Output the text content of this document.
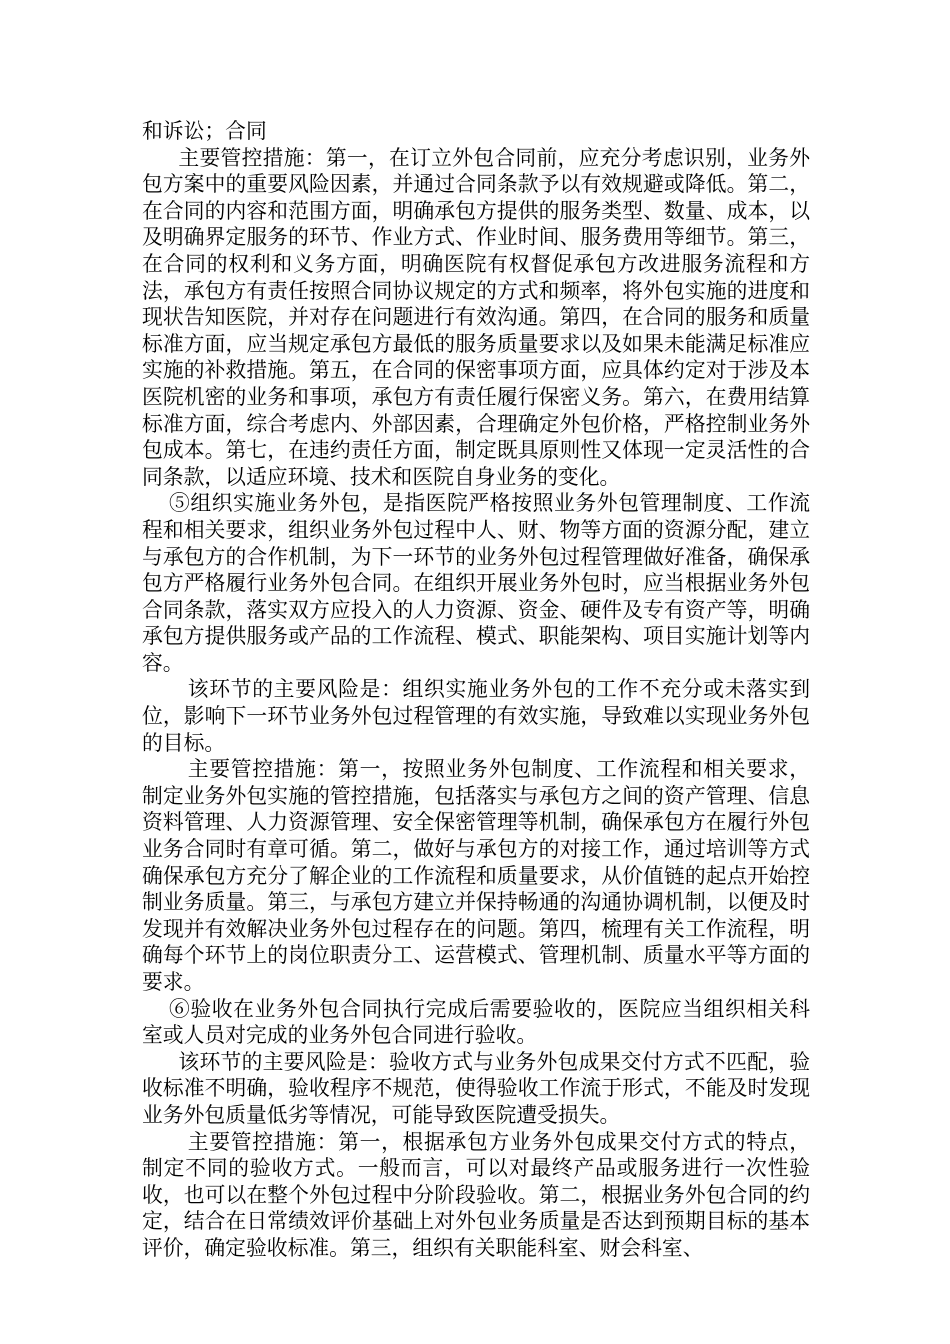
和诉讼；合同

主要管控措施：第一，在订立外包合同前，应充分考虑识别，业务外包方案中的重要风险因素，并通过合同条款予以有效规避或降低。第二，在合同的内容和范围方面，明确承包方提供的服务类型、数量、成本，以及明确界定服务的环节、作业方式、作业时间、服务费用等细节。第三，在合同的权利和义务方面，明确医院有权督促承包方改进服务流程和方法，承包方有责任按照合同协议规定的方式和频率，将外包实施的进度和现状告知医院，并对存在问题进行有效沟通。第四，在合同的服务和质量标准方面，应当规定承包方最低的服务质量要求以及如果未能满足标准应实施的补救措施。第五，在合同的保密事项方面，应具体约定对于涉及本医院机密的业务和事项，承包方有责任履行保密义务。第六，在费用结算标准方面，综合考虑内、外部因素，合理确定外包价格，严格控制业务外包成本。第七，在违约责任方面，制定既具原则性又体现一定灵活性的合同条款，以适应环境、技术和医院自身业务的变化。

⑤组织实施业务外包，是指医院严格按照业务外包管理制度、工作流程和相关要求，组织业务外包过程中人、财、物等方面的资源分配，建立与承包方的合作机制，为下一环节的业务外包过程管理做好准备，确保承包方严格履行业务外包合同。在组织开展业务外包时，应当根据业务外包合同条款，落实双方应投入的人力资源、资金、硬件及专有资产等，明确承包方提供服务或产品的工作流程、模式、职能架构、项目实施计划等内容。

该环节的主要风险是：组织实施业务外包的工作不充分或未落实到位，影响下一环节业务外包过程管理的有效实施，导致难以实现业务外包的目标。

主要管控措施：第一，按照业务外包制度、工作流程和相关要求，制定业务外包实施的管控措施，包括落实与承包方之间的资产管理、信息资料管理、人力资源管理、安全保密管理等机制，确保承包方在履行外包业务合同时有章可循。第二，做好与承包方的对接工作，通过培训等方式确保承包方充分了解企业的工作流程和质量要求，从价值链的起点开始控制业务质量。第三，与承包方建立并保持畅通的沟通协调机制，以便及时发现并有效解决业务外包过程存在的问题。第四，梳理有关工作流程，明确每个环节上的岗位职责分工、运营模式、管理机制、质量水平等方面的要求。

⑥验收在业务外包合同执行完成后需要验收的，医院应当组织相关科室或人员对完成的业务外包合同进行验收。

该环节的主要风险是：验收方式与业务外包成果交付方式不匹配，验收标准不明确，验收程序不规范，使得验收工作流于形式，不能及时发现业务外包质量低劣等情况，可能导致医院遭受损失。

主要管控措施：第一，根据承包方业务外包成果交付方式的特点，制定不同的验收方式。一般而言，可以对最终产品或服务进行一次性验收，也可以在整个外包过程中分阶段验收。第二，根据业务外包合同的约定，结合在日常绩效评价基础上对外包业务质量是否达到预期目标的基本评价，确定验收标准。第三，组织有关职能科室、财会科室、
